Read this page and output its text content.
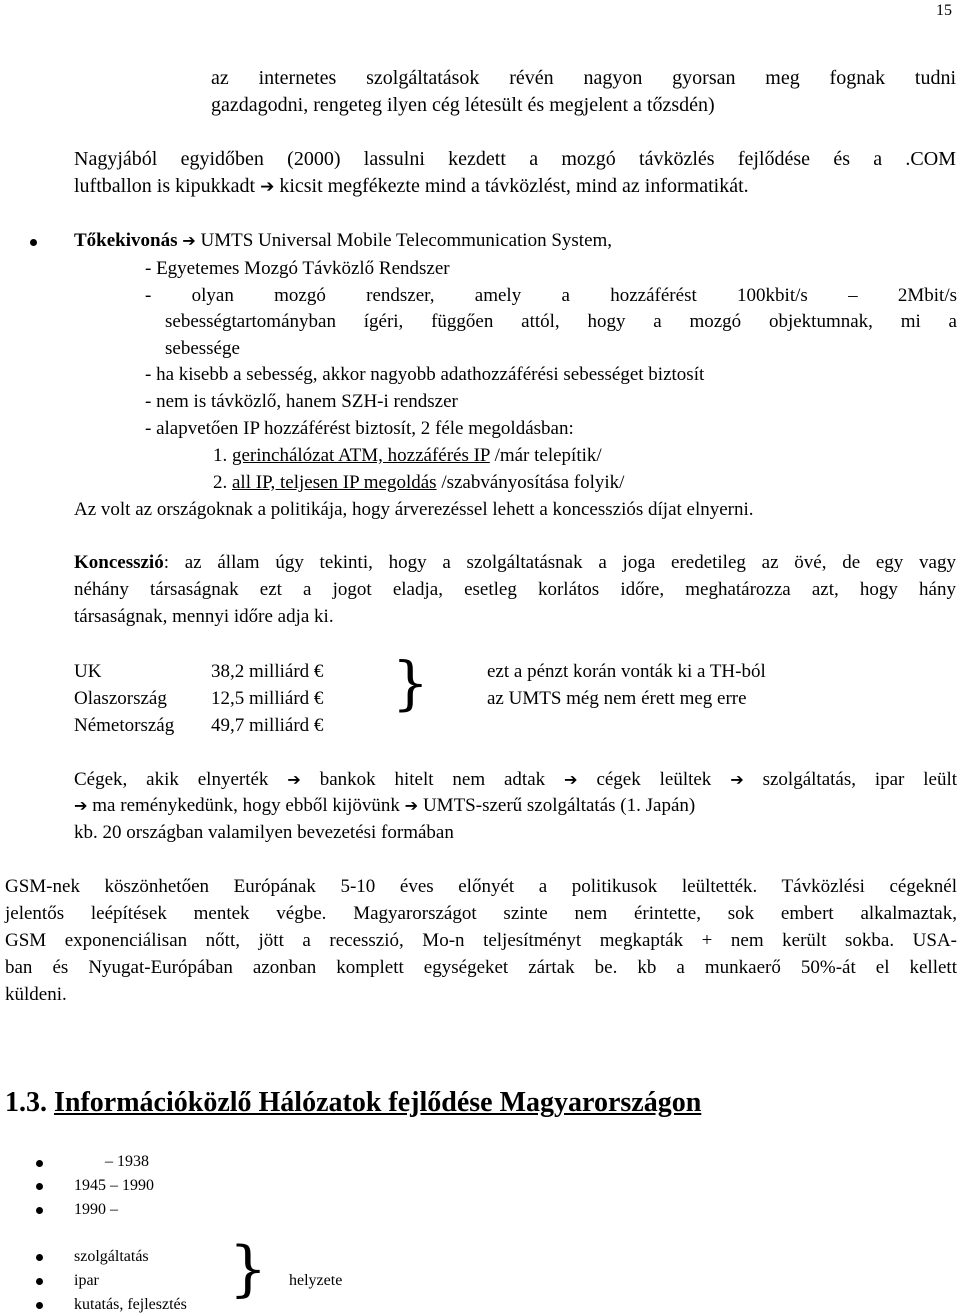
15
az internetes szolgáltatások révén nagyon gyorsan meg fognak tudni
gazdagodni, rengeteg ilyen cég létesült és megjelent a tőzsdén)
Nagyjából egyidőben (2000) lassulni kezdett a mozgó távközlés fejlődése és a .COM
luftballon is kipukkadt ➔ kicsit megfékezte mind a távközlést, mind az informatikát.
Tőkekivonás ➔ UMTS Universal Mobile Telecommunication System,
- Egyetemes Mozgó Távközlő Rendszer
- olyan mozgó rendszer, amely a hozzáférést 100kbit/s – 2Mbit/s
sebességtartományban ígéri, függően attól, hogy a mozgó objektumnak, mi a
sebessége
- ha kisebb a sebesség, akkor nagyobb adathozzáférési sebességet biztosít
- nem is távközlő, hanem SZH-i rendszer
- alapvetően IP hozzáférést biztosít, 2 féle megoldásban:
1. gerinchálózat ATM, hozzáférés IP /már telepítik/
2. all IP, teljesen IP megoldás /szabványosítása folyik/
Az volt az országoknak a politikája, hogy árverezéssel lehett a koncessziós díjat elnyerni.
Koncesszió: az állam úgy tekinti, hogy a szolgáltatásnak a joga eredetileg az övé, de egy vagy
néhány társaságnak ezt a jogot eladja, esetleg korlátos időre, meghatározza azt, hogy hány
társaságnak, mennyi időre adja ki.
UK	38,2 milliárd €
Olaszország 12,5 milliárd €
Németország 49,7 milliárd €
}	ezt a pénzt korán vonták ki a TH-ból
az UMTS még nem érett meg erre
Cégek, akik elnyerték ➔ bankok hitelt nem adtak ➔ cégek leültek ➔ szolgáltatás, ipar leült
➔ ma reménykedünk, hogy ebből kijövünk ➔ UMTS-szerű szolgáltatás (1. Japán)
kb. 20 országban valamilyen bevezetési formában
GSM-nek köszönhetően Európának 5-10 éves előnyét a politikusok leültették. Távközlési cégeknél
jelentős leépítések mentek végbe. Magyarországot szinte nem érintette, sok embert alkalmaztak,
GSM exponenciálisan nőtt, jött a recesszió, Mo-n teljesítményt megkapták + nem került sokba. USA-
ban és Nyugat-Európában azonban komplett egységeket zártak be. kb a munkaerő 50%-át el kellett
küldeni.
1.3. Információközlő Hálózatok fejlődése Magyarországon
– 1938
1945 – 1990
1990 –
szolgáltatás
ipar
kutatás, fejlesztés
} helyzete
